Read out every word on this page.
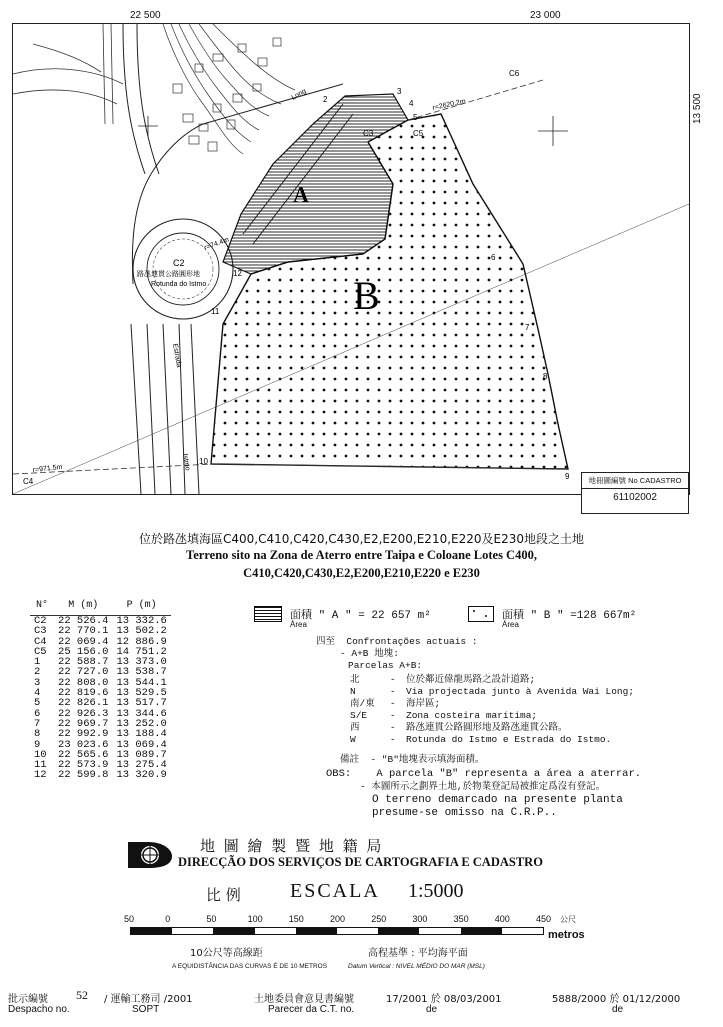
22 500	23 000
13 500
A
B
C2
路氹連貫公路圓形地
Rotunda do Istmo
Long
Estrada
Istmo
r=2620.2m
r=971.5m
r=74.4m
2
3
4
5
6
7
8
9
10
11
12
C3	C5
C4
C6
地冊圖編號 No CADASTRO
61102002
位於路氹填海區C400,C410,C420,C430,E2,E200,E210,E220及E230地段之土地
Terreno sito na Zona de Aterro entre Taipa e Coloane Lotes C400,
C410,C420,C430,E2,E200,E210,E220 e E230
N°	M (m)	P (m)
C2	22 526.4	13 332.6
C3	22 770.1	13 502.2
C4	22 069.4	12 886.9
C5	25 156.0	14 751.2
1	22 588.7	13 373.0
2	22 727.0	13 538.7
3	22 808.0	13 544.1
4	22 819.6	13 529.5
5	22 826.1	13 517.7
6	22 926.3	13 344.6
7	22 969.7	13 252.0
8	22 992.9	13 188.4
9	23 023.6	13 069.4
10	22 565.6	13 089.7
11	22 573.9	13 275.4
12	22 599.8	13 320.9
面積 " A " = 22 657 m²
Área
面積 " B " =128 667m²
Área
四至  Confrontações actuais :
- A+B 地塊:
Parcelas A+B:
北	-	位於鄰近偉龍馬路之設計道路;
N	-	Via projectada junto à Avenida Wai Long;
南/東	-	海岸區;
S/E	-	Zona costeira marítima;
西	-	路氹連貫公路圓形地及路氹連貫公路。
W	-	Rotunda do Istmo e Estrada do Istmo.
備註  - "B"地塊表示填海面積。
OBS:    A parcela "B" representa a área a aterrar.
- 本圖所示之劃界土地,於物業登記局被推定爲沒有登記。
O terreno demarcado na presente planta
presume-se omisso na C.R.P..
地 圖 繪 製 暨 地 籍 局
DIRECÇÃO DOS SERVIÇOS DE CARTOGRAFIA E CADASTRO
比 例 ESCALA 1:5000
50	0	50	100	150	200	250	300	350	400	450 公尺
metros
10公尺等高線距	高程基準 : 平均海平面
A EQUIDISTÂNCIA DAS CURVAS É DE 10 METROS	Datum Vertical : NIVEL MÉDIO DO MAR (MSL)
批示編號
Despacho no.
52 / 運輸工務司 /2001
SOPT
土地委員會意見書編號
Parecer da C.T. no.
17/2001 於 08/03/2001
de
5888/2000 於 01/12/2000
de
